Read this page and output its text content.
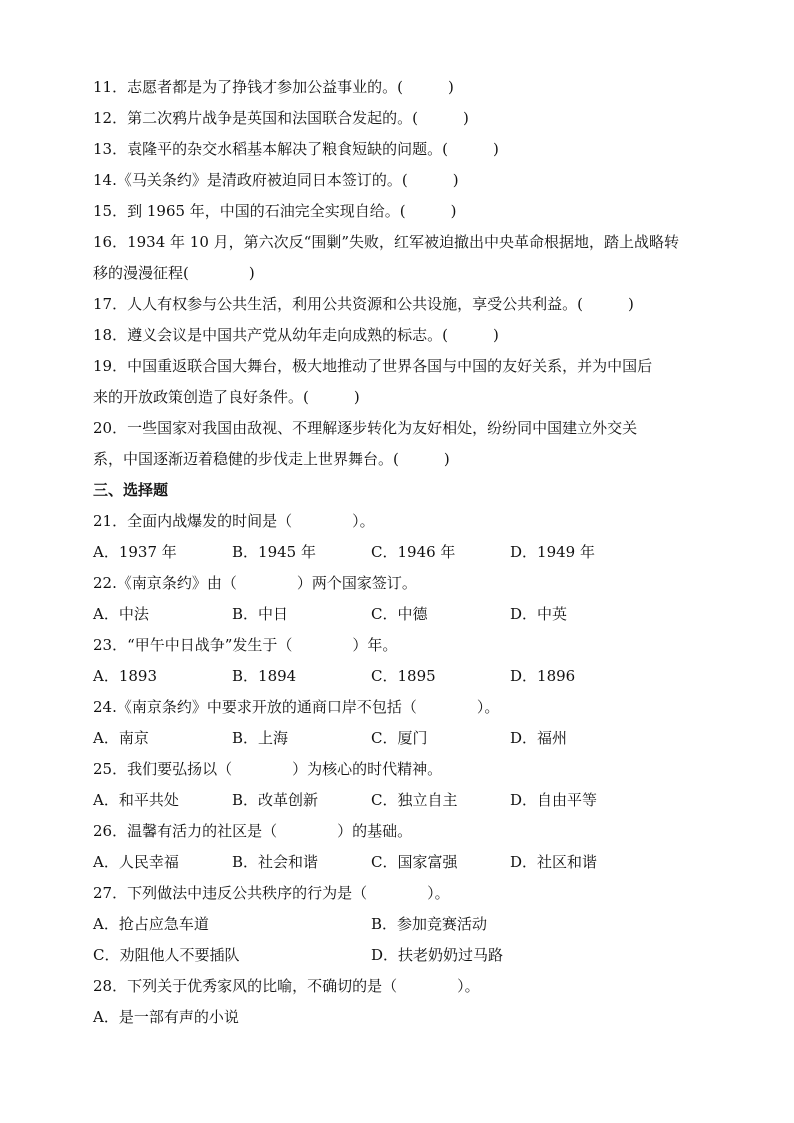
11．志愿者都是为了挣钱才参加公益事业的。(　　　)
12．第二次鸦片战争是英国和法国联合发起的。(　　　)
13．袁隆平的杂交水稻基本解决了粮食短缺的问题。(　　　)
14.《马关条约》是清政府被迫同日本签订的。(　　　)
15．到 1965 年，中国的石油完全实现自给。(　　　)
16．1934 年 10 月，第六次反“围剿”失败，红军被迫撤出中央革命根据地，踏上战略转
移的漫漫征程(　　　　)
17．人人有权参与公共生活，利用公共资源和公共设施，享受公共利益。(　　　)
18．遵义会议是中国共产党从幼年走向成熟的标志。(　　　)
19．中国重返联合国大舞台，极大地推动了世界各国与中国的友好关系，并为中国后
来的开放政策创造了良好条件。(　　　)
20．一些国家对我国由敌视、不理解逐步转化为友好相处，纷纷同中国建立外交关
系，中国逐渐迈着稳健的步伐走上世界舞台。(　　　)
三、选择题
21．全面内战爆发的时间是（　　　　）。
A．1937 年	B．1945 年	C．1946 年	D．1949 年
22.《南京条约》由（　　　　）两个国家签订。
A．中法	B．中日	C．中德	D．中英
23．“甲午中日战争”发生于（　　　　）年。
A．1893	B．1894	C．1895	D．1896
24.《南京条约》中要求开放的通商口岸不包括（　　　　）。
A．南京	B．上海	C．厦门	D．福州
25．我们要弘扬以（　　　　）为核心的时代精神。
A．和平共处	B．改革创新	C．独立自主	D．自由平等
26．温馨有活力的社区是（　　　　）的基础。
A．人民幸福	B．社会和谐	C．国家富强	D．社区和谐
27．下列做法中违反公共秩序的行为是（　　　　）。
A．抢占应急车道	B．参加竞赛活动
C．劝阻他人不要插队	D．扶老奶奶过马路
28．下列关于优秀家风的比喻，不确切的是（　　　　）。
A．是一部有声的小说
